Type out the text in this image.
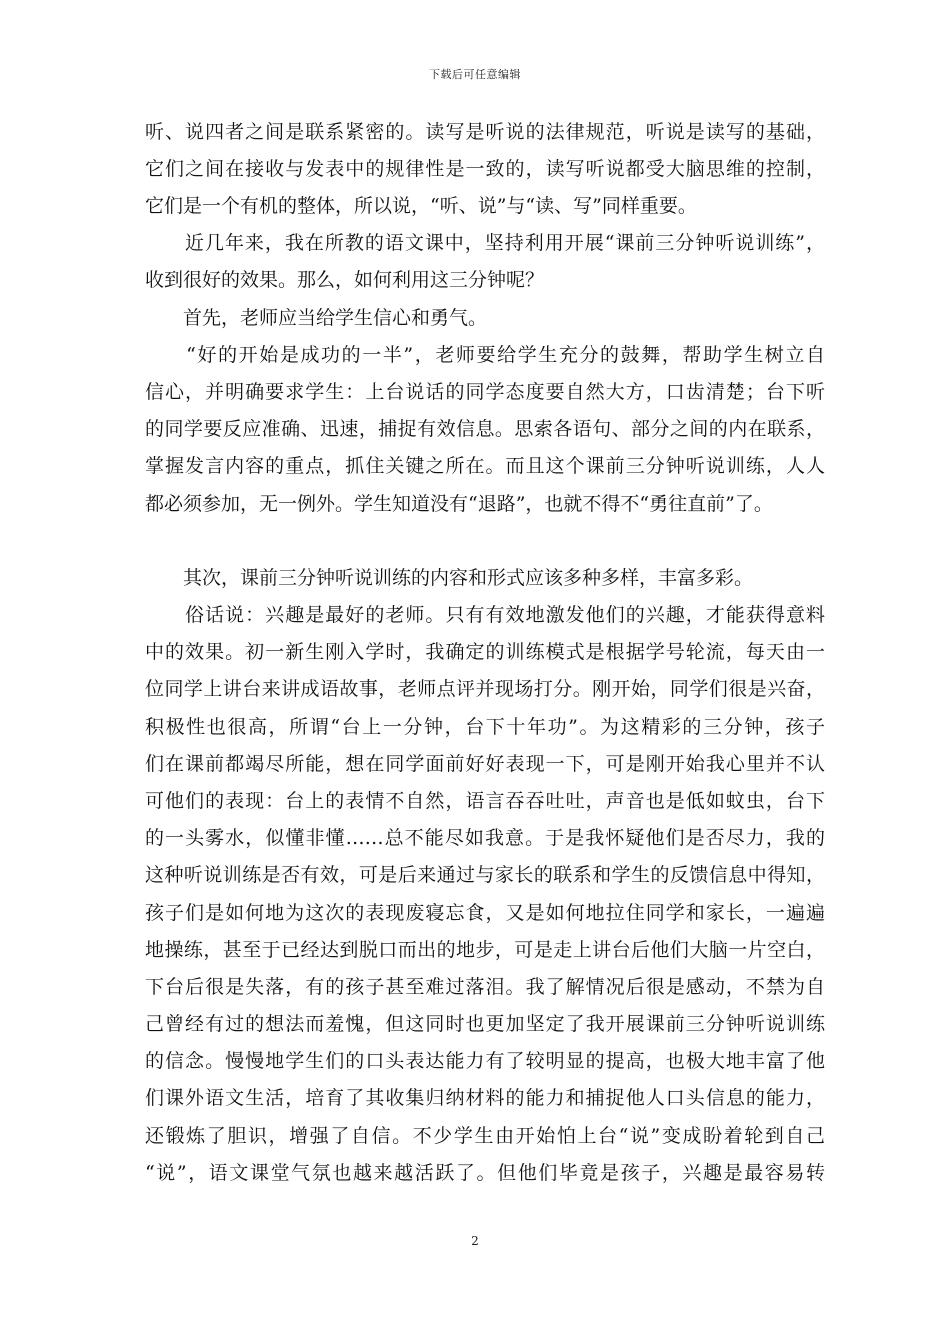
下载后可任意编辑
听、说四者之间是联系紧密的。读写是听说的法律规范，听说是读写的基础，
它们之间在接收与发表中的规律性是一致的，读写听说都受大脑思维的控制，
它们是一个有机的整体，所以说，“听、说”与“读、写”同样重要。
　　近几年来，我在所教的语文课中，坚持利用开展“课前三分钟听说训练”，
收到很好的效果。那么，如何利用这三分钟呢？
　　首先，老师应当给学生信心和勇气。
　　“好的开始是成功的一半”，老师要给学生充分的鼓舞，帮助学生树立自
信心，并明确要求学生：上台说话的同学态度要自然大方，口齿清楚；台下听
的同学要反应准确、迅速，捕捉有效信息。思索各语句、部分之间的内在联系，
掌握发言内容的重点，抓住关键之所在。而且这个课前三分钟听说训练，人人
都必须参加，无一例外。学生知道没有“退路”，也就不得不“勇往直前”了。
　　其次，课前三分钟听说训练的内容和形式应该多种多样，丰富多彩。
　　俗话说：兴趣是最好的老师。只有有效地激发他们的兴趣，才能获得意料
中的效果。初一新生刚入学时，我确定的训练模式是根据学号轮流，每天由一
位同学上讲台来讲成语故事，老师点评并现场打分。刚开始，同学们很是兴奋，
积极性也很高，所谓“台上一分钟，台下十年功”。为这精彩的三分钟，孩子
们在课前都竭尽所能，想在同学面前好好表现一下，可是刚开始我心里并不认
可他们的表现：台上的表情不自然，语言吞吞吐吐，声音也是低如蚊虫，台下
的一头雾水，似懂非懂……总不能尽如我意。于是我怀疑他们是否尽力，我的
这种听说训练是否有效，可是后来通过与家长的联系和学生的反馈信息中得知，
孩子们是如何地为这次的表现废寝忘食，又是如何地拉住同学和家长，一遍遍
地操练，甚至于已经达到脱口而出的地步，可是走上讲台后他们大脑一片空白，
下台后很是失落，有的孩子甚至难过落泪。我了解情况后很是感动，不禁为自
己曾经有过的想法而羞愧，但这同时也更加坚定了我开展课前三分钟听说训练
的信念。慢慢地学生们的口头表达能力有了较明显的提高，也极大地丰富了他
们课外语文生活，培育了其收集归纳材料的能力和捕捉他人口头信息的能力，
还锻炼了胆识，增强了自信。不少学生由开始怕上台“说”变成盼着轮到自己
“说”，语文课堂气氛也越来越活跃了。但他们毕竟是孩子，兴趣是最容易转
2
